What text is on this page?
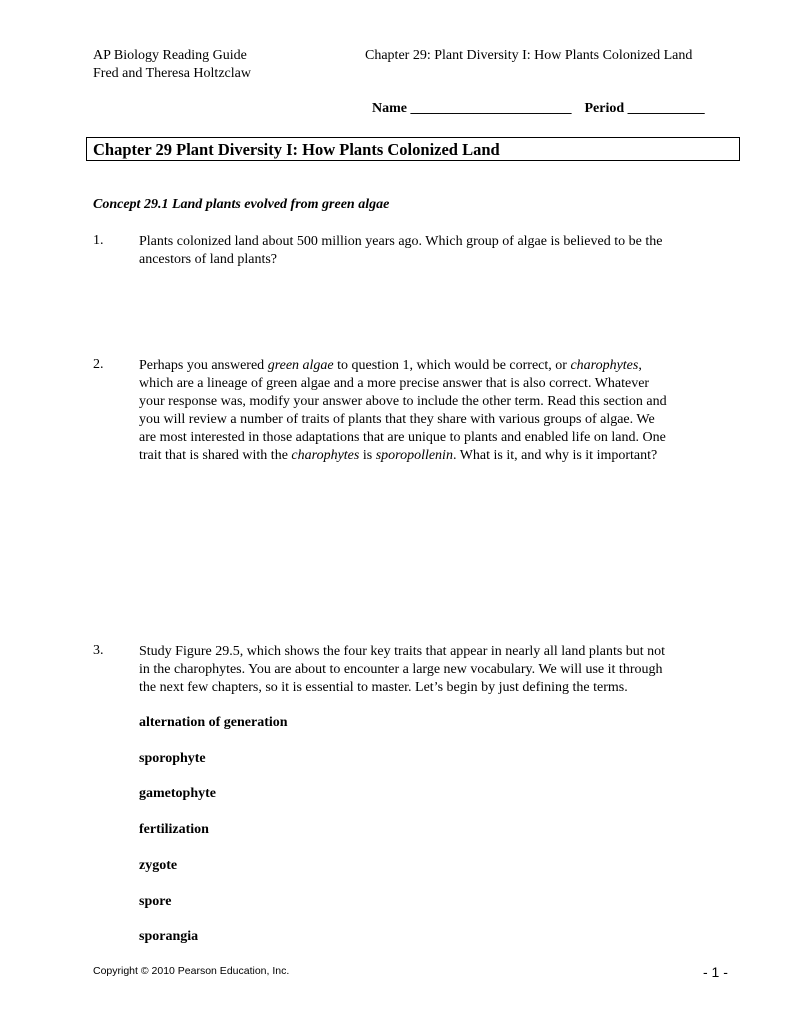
AP Biology Reading Guide
Fred and Theresa Holtzclaw
Chapter 29: Plant Diversity I: How Plants Colonized Land
Name _______________________ Period ___________
Chapter 29 Plant Diversity I: How Plants Colonized Land
Concept 29.1 Land plants evolved from green algae
1.	Plants colonized land about 500 million years ago. Which group of algae is believed to be the
ancestors of land plants?
2.	Perhaps you answered green algae to question 1, which would be correct, or charophytes,
which are a lineage of green algae and a more precise answer that is also correct. Whatever
your response was, modify your answer above to include the other term. Read this section and
you will review a number of traits of plants that they share with various groups of algae. We
are most interested in those adaptations that are unique to plants and enabled life on land. One
trait that is shared with the charophytes is sporopollenin. What is it, and why is it important?
3.	Study Figure 29.5, which shows the four key traits that appear in nearly all land plants but not
in the charophytes. You are about to encounter a large new vocabulary. We will use it through
the next few chapters, so it is essential to master. Let’s begin by just defining the terms.
alternation of generation
sporophyte
gametophyte
fertilization
zygote
spore
sporangia
Copyright © 2010 Pearson Education, Inc.	- 1 -
